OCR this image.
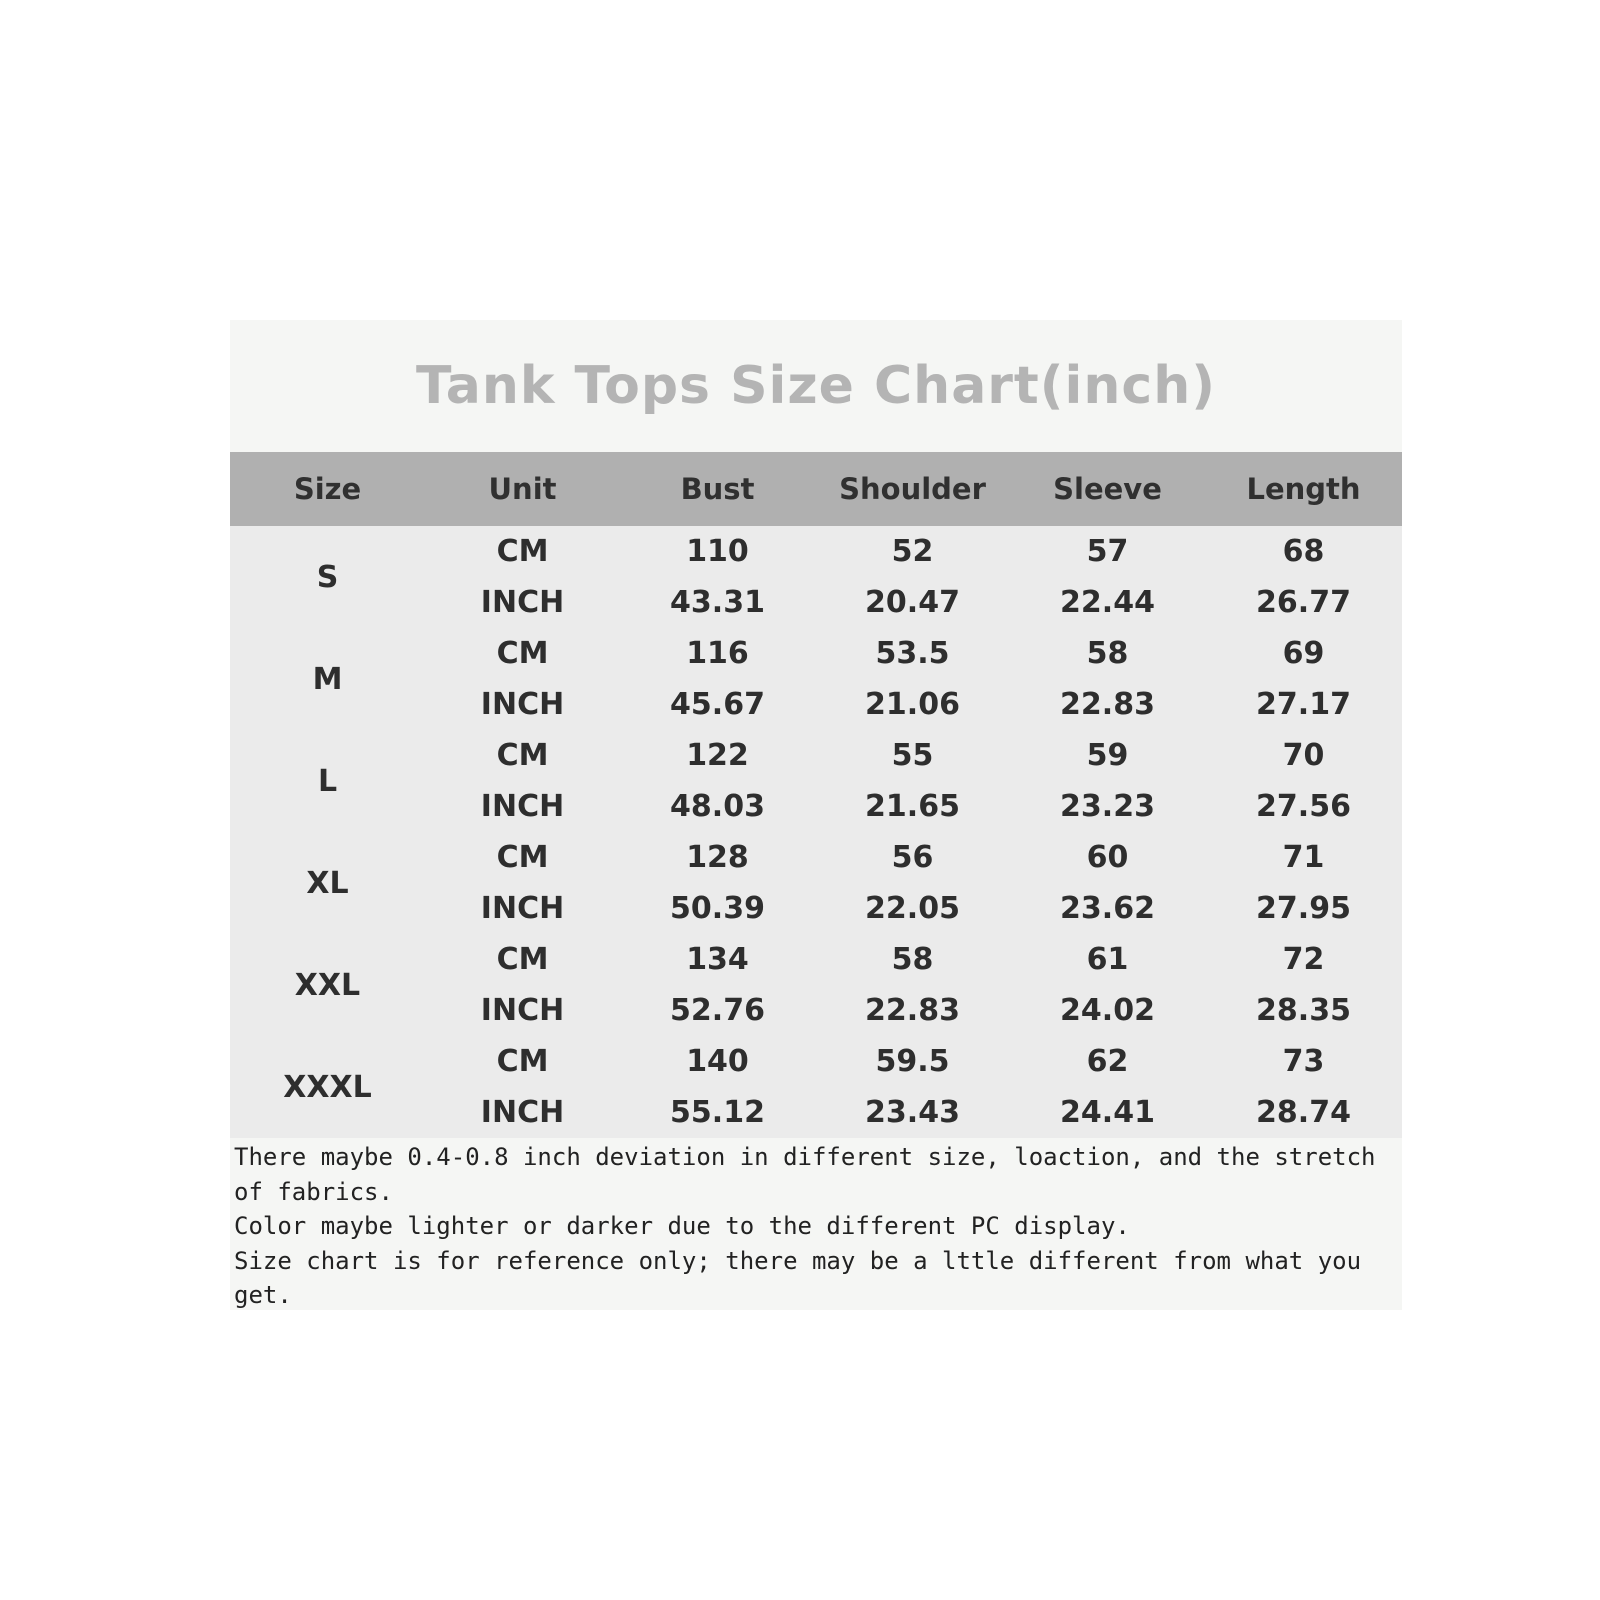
Tank Tops Size Chart(inch)
Size	Unit	Bust	Shoulder	Sleeve	Length
S	CM	110	52	57	68
	INCH	43.31	20.47	22.44	26.77
M	CM	116	53.5	58	69
	INCH	45.67	21.06	22.83	27.17
L	CM	122	55	59	70
	INCH	48.03	21.65	23.23	27.56
XL	CM	128	56	60	71
	INCH	50.39	22.05	23.62	27.95
XXL	CM	134	58	61	72
	INCH	52.76	22.83	24.02	28.35
XXXL	CM	140	59.5	62	73
	INCH	55.12	23.43	24.41	28.74
There maybe 0.4-0.8 inch deviation in different size, loaction, and the stretch of fabrics.
Color maybe lighter or darker due to the different PC display.
Size chart is for reference only; there may be a lttle different from what you get.
